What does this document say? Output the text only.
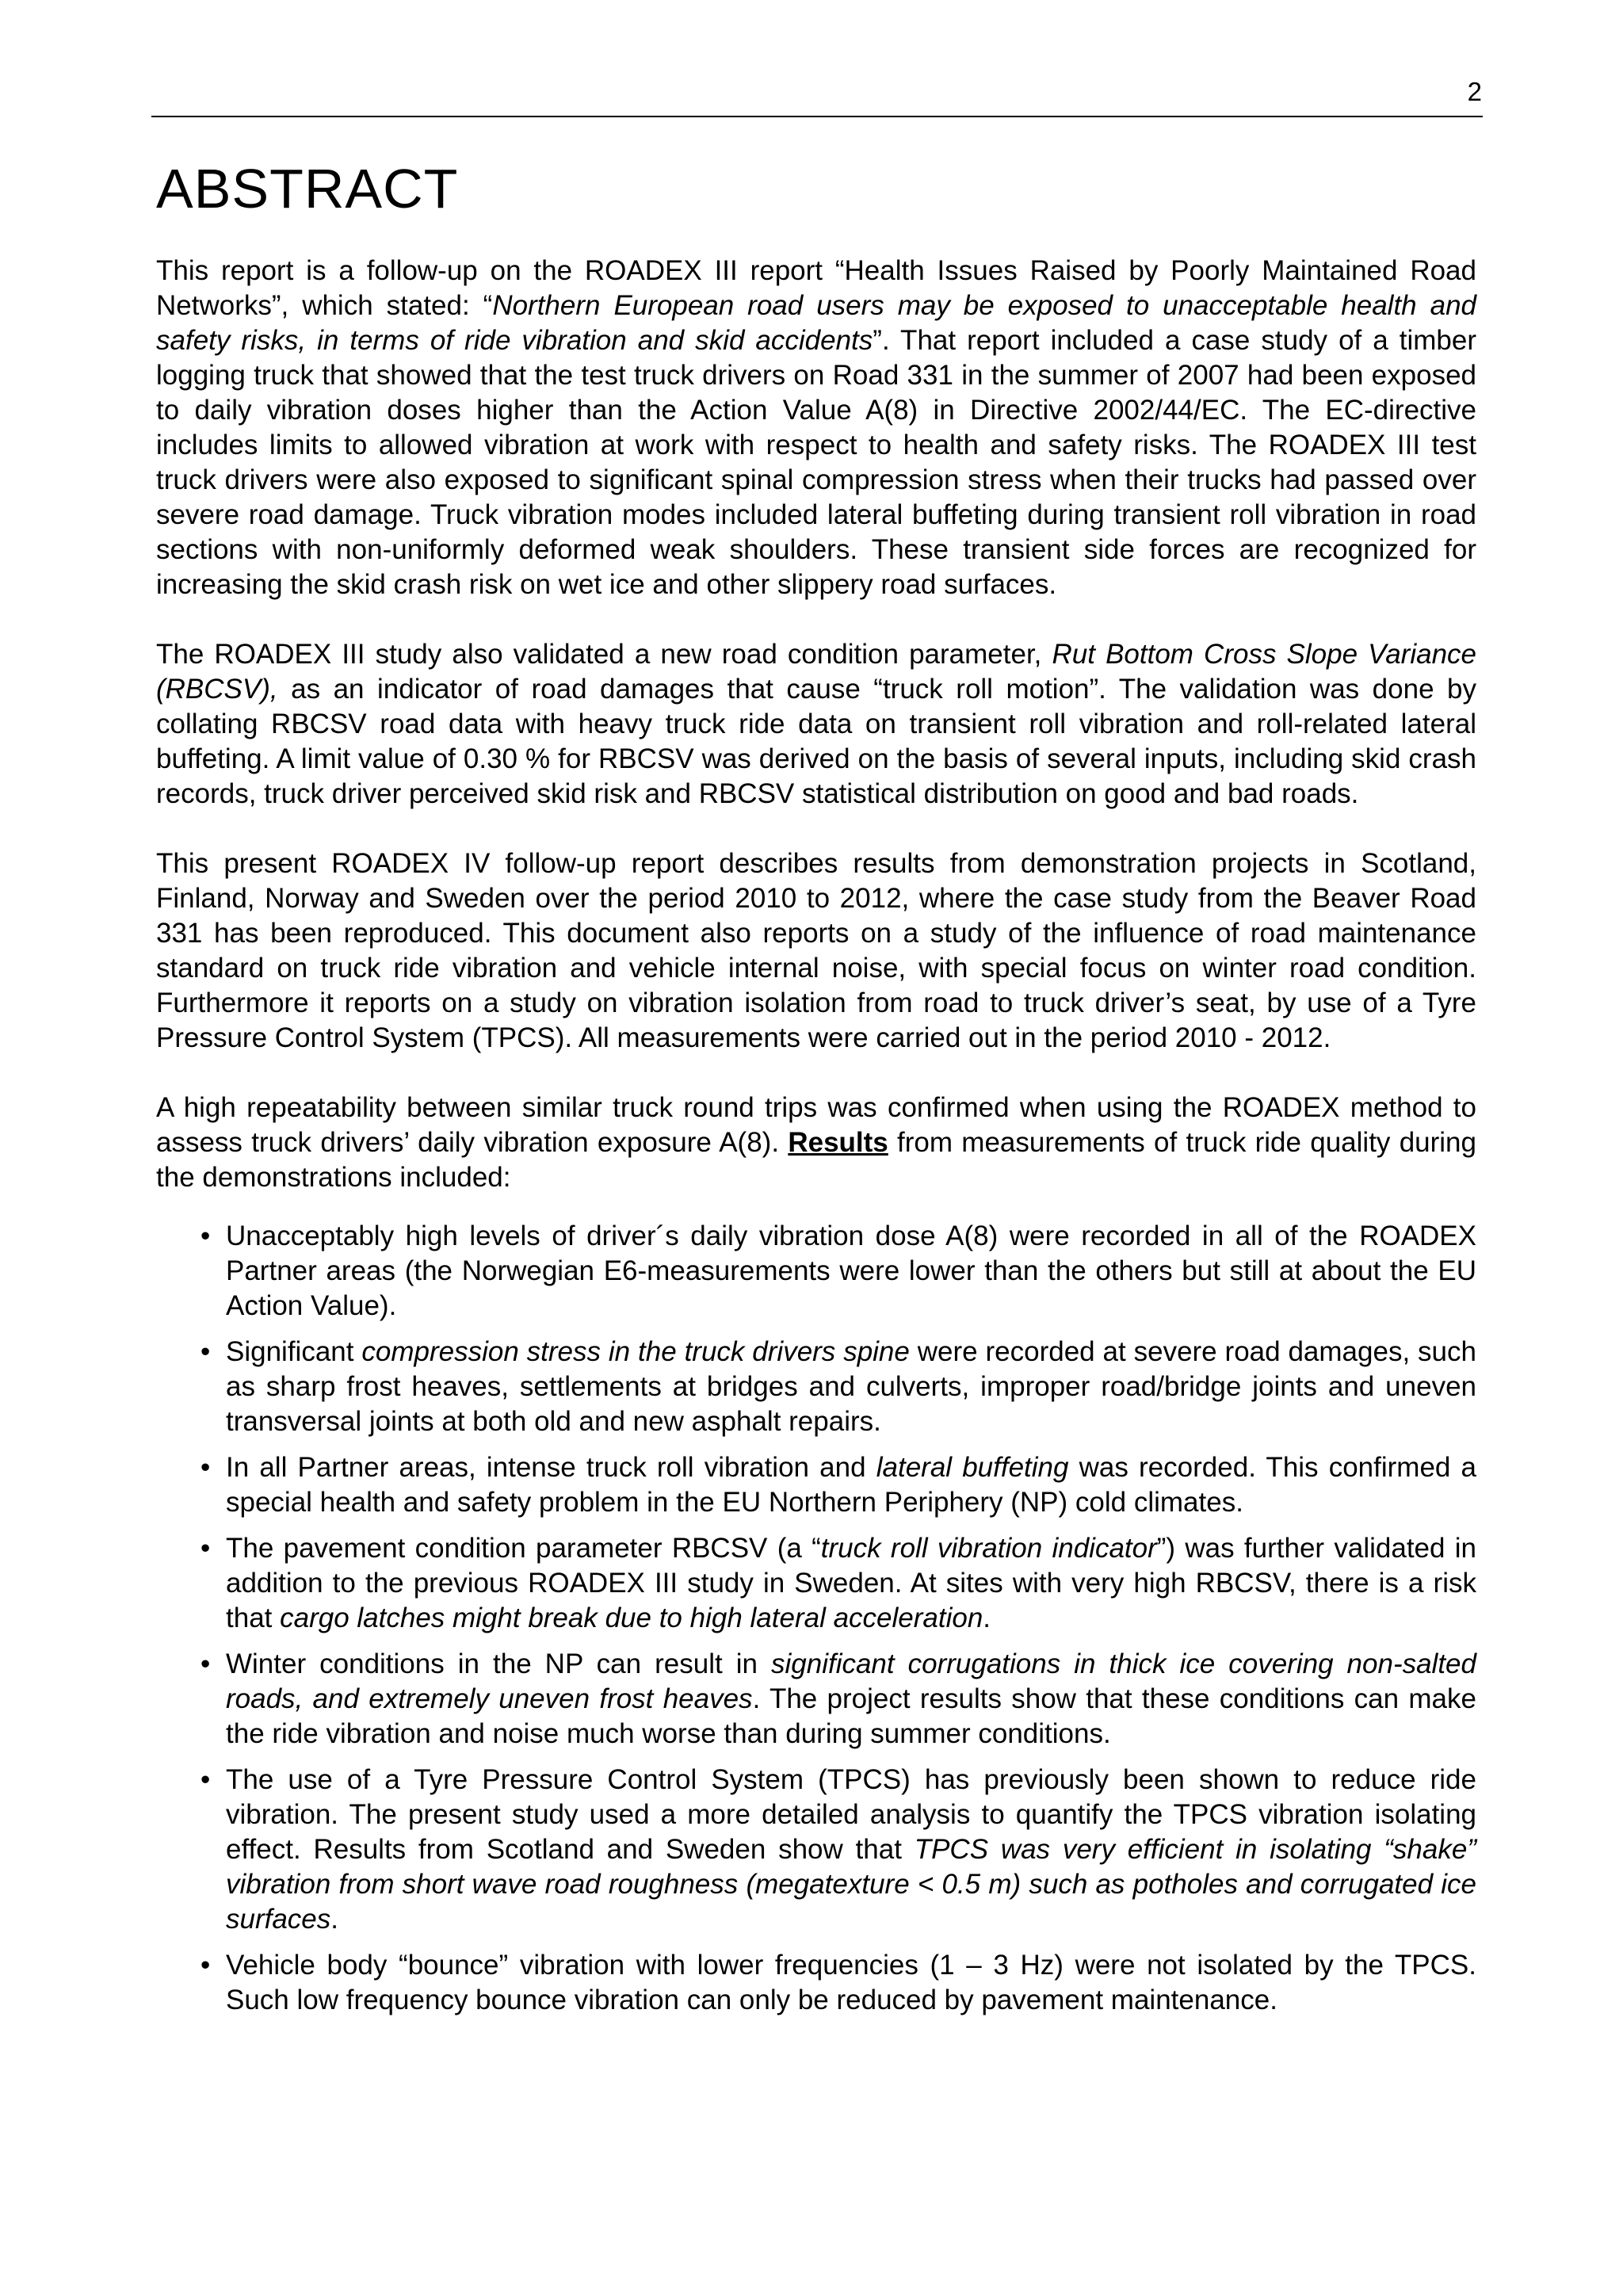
2
ABSTRACT

This report is a follow-up on the ROADEX III report “Health Issues Raised by Poorly Maintained Road Networks”, which stated: “Northern European road users may be exposed to unacceptable health and safety risks, in terms of ride vibration and skid accidents”. That report included a case study of a timber logging truck that showed that the test truck drivers on Road 331 in the summer of 2007 had been exposed to daily vibration doses higher than the Action Value A(8) in Directive 2002/44/EC. The EC-directive includes limits to allowed vibration at work with respect to health and safety risks. The ROADEX III test truck drivers were also exposed to significant spinal compression stress when their trucks had passed over severe road damage. Truck vibration modes included lateral buffeting during transient roll vibration in road sections with non-uniformly deformed weak shoulders. These transient side forces are recognized for increasing the skid crash risk on wet ice and other slippery road surfaces.

The ROADEX III study also validated a new road condition parameter, Rut Bottom Cross Slope Variance (RBCSV), as an indicator of road damages that cause “truck roll motion”. The validation was done by collating RBCSV road data with heavy truck ride data on transient roll vibration and roll-related lateral buffeting. A limit value of 0.30 % for RBCSV was derived on the basis of several inputs, including skid crash records, truck driver perceived skid risk and RBCSV statistical distribution on good and bad roads.

This present ROADEX IV follow-up report describes results from demonstration projects in Scotland, Finland, Norway and Sweden over the period 2010 to 2012, where the case study from the Beaver Road 331 has been reproduced. This document also reports on a study of the influence of road maintenance standard on truck ride vibration and vehicle internal noise, with special focus on winter road condition. Furthermore it reports on a study on vibration isolation from road to truck driver’s seat, by use of a Tyre Pressure Control System (TPCS). All measurements were carried out in the period 2010 - 2012.

A high repeatability between similar truck round trips was confirmed when using the ROADEX method to assess truck drivers’ daily vibration exposure A(8). Results from measurements of truck ride quality during the demonstrations included:

• Unacceptably high levels of driver´s daily vibration dose A(8) were recorded in all of the ROADEX Partner areas (the Norwegian E6-measurements were lower than the others but still at about the EU Action Value).
• Significant compression stress in the truck drivers spine were recorded at severe road damages, such as sharp frost heaves, settlements at bridges and culverts, improper road/bridge joints and uneven transversal joints at both old and new asphalt repairs.
• In all Partner areas, intense truck roll vibration and lateral buffeting was recorded. This confirmed a special health and safety problem in the EU Northern Periphery (NP) cold climates.
• The pavement condition parameter RBCSV (a “truck roll vibration indicator”) was further validated in addition to the previous ROADEX III study in Sweden. At sites with very high RBCSV, there is a risk that cargo latches might break due to high lateral acceleration.
• Winter conditions in the NP can result in significant corrugations in thick ice covering non-salted roads, and extremely uneven frost heaves. The project results show that these conditions can make the ride vibration and noise much worse than during summer conditions.
• The use of a Tyre Pressure Control System (TPCS) has previously been shown to reduce ride vibration. The present study used a more detailed analysis to quantify the TPCS vibration isolating effect. Results from Scotland and Sweden show that TPCS was very efficient in isolating “shake” vibration from short wave road roughness (megatexture < 0.5 m) such as potholes and corrugated ice surfaces.
• Vehicle body “bounce” vibration with lower frequencies (1 – 3 Hz) were not isolated by the TPCS. Such low frequency bounce vibration can only be reduced by pavement maintenance.
